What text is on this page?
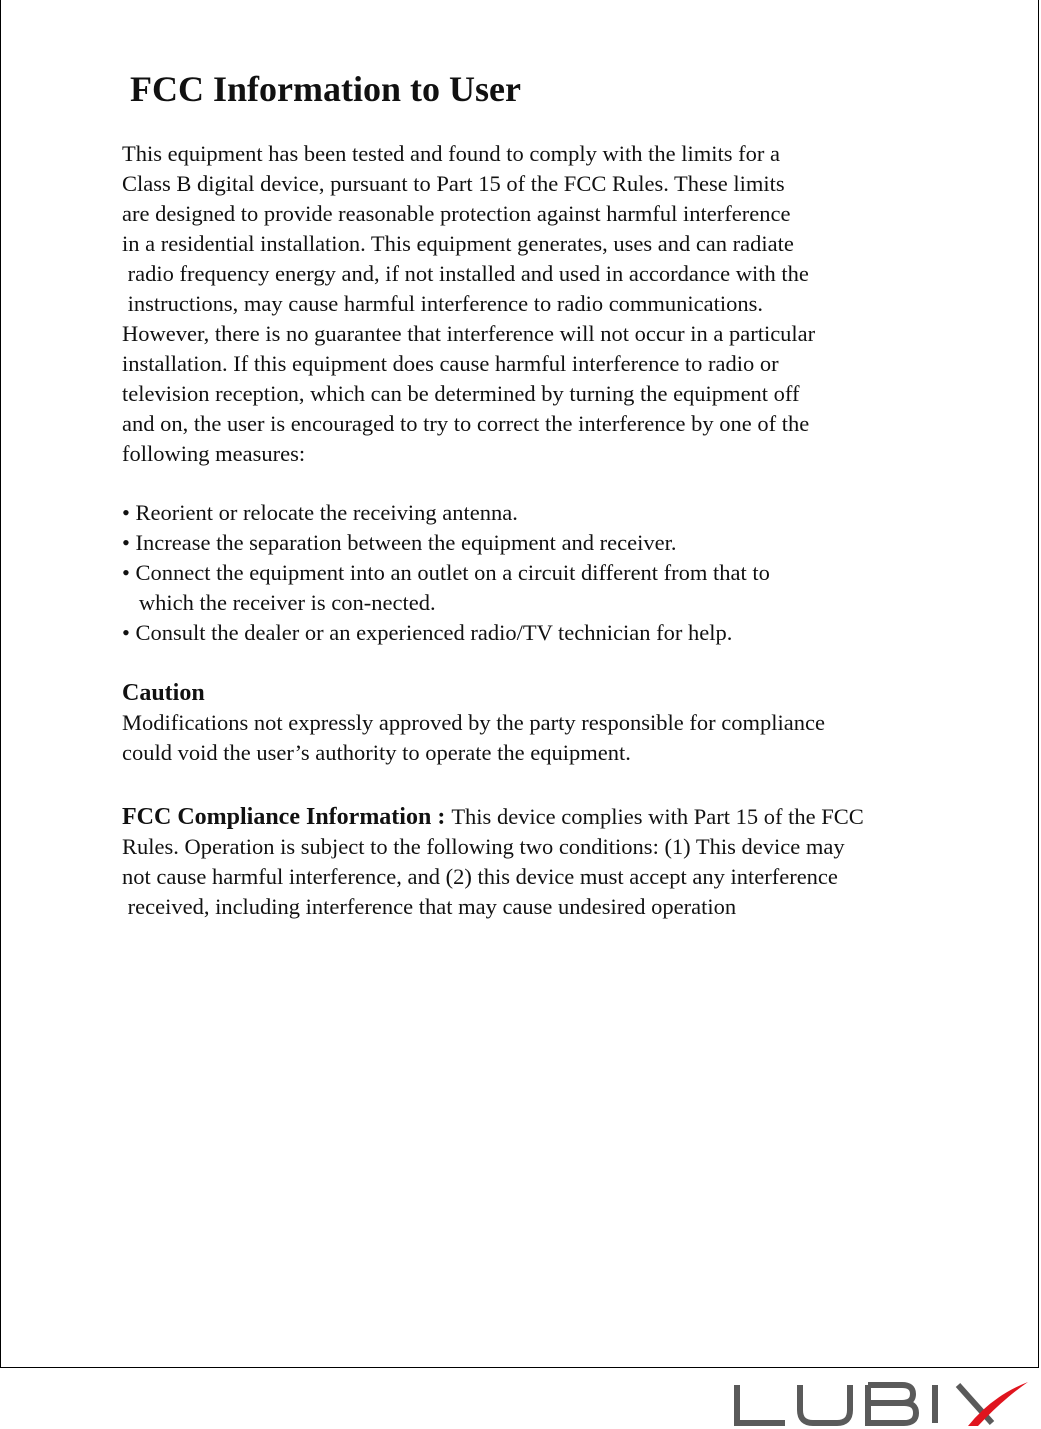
FCC Information to User
This equipment has been tested and found to comply with the limits for a
Class B digital device, pursuant to Part 15 of the FCC Rules. These limits
are designed to provide reasonable protection against harmful interference
in a residential installation. This equipment generates, uses and can radiate
radio frequency energy and, if not installed and used in accordance with the
instructions, may cause harmful interference to radio communications.
However, there is no guarantee that interference will not occur in a particular
installation. If this equipment does cause harmful interference to radio or
television reception, which can be determined by turning the equipment off
and on, the user is encouraged to try to correct the interference by one of the
following measures:
• Reorient or relocate the receiving antenna.
• Increase the separation between the equipment and receiver.
• Connect the equipment into an outlet on a circuit different from that to
which the receiver is con-nected.
• Consult the dealer or an experienced radio/TV technician for help.
Caution
Modifications not expressly approved by the party responsible for compliance
could void the user’s authority to operate the equipment.
FCC Compliance Information : This device complies with Part 15 of the FCC
Rules. Operation is subject to the following two conditions: (1) This device may
not cause harmful interference, and (2) this device must accept any interference
received, including interference that may cause undesired operation
